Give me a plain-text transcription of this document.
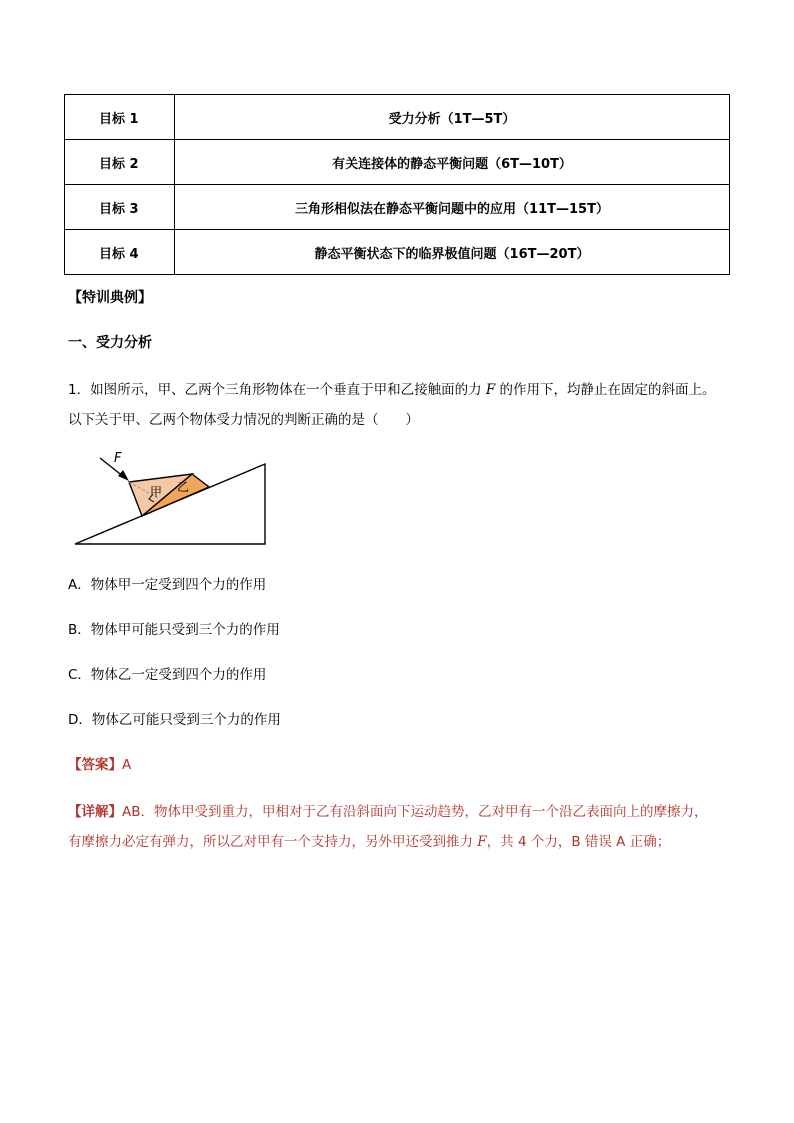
目标 1	受力分析（1T—5T）
目标 2	有关连接体的静态平衡问题（6T—10T）
目标 3	三角形相似法在静态平衡问题中的应用（11T—15T）
目标 4	静态平衡状态下的临界极值问题（16T—20T）
【特训典例】
一、受力分析
1．如图所示，甲、乙两个三角形物体在一个垂直于甲和乙接触面的力 F 的作用下，均静止在固定的斜面上。
以下关于甲、乙两个物体受力情况的判断正确的是（　　）
F
甲 乙
A．物体甲一定受到四个力的作用
B．物体甲可能只受到三个力的作用
C．物体乙一定受到四个力的作用
D．物体乙可能只受到三个力的作用
【答案】A
【详解】AB．物体甲受到重力，甲相对于乙有沿斜面向下运动趋势，乙对甲有一个沿乙表面向上的摩擦力，
有摩擦力必定有弹力，所以乙对甲有一个支持力，另外甲还受到推力 F，共 4 个力，B 错误 A 正确；
